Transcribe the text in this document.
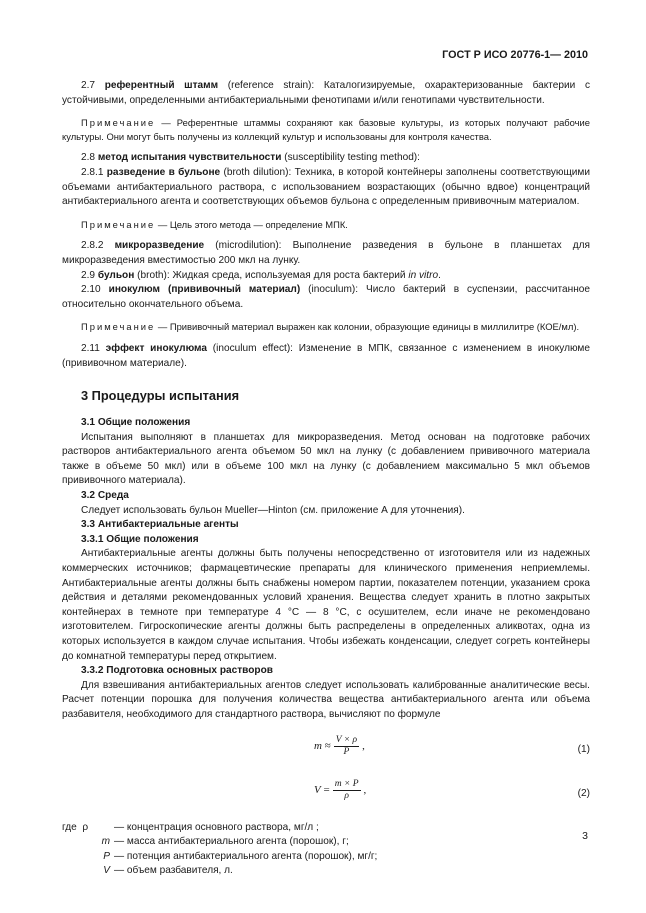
ГОСТ Р ИСО 20776-1— 2010

2.7 референтный штамм (reference strain): Каталогизируемые, охарактеризованные бактерии с устойчивыми, определенными антибактериальными фенотипами и/или генотипами чувствительности.

Примечание — Референтные штаммы сохраняют как базовые культуры, из которых получают рабочие культуры. Они могут быть получены из коллекций культур и использованы для контроля качества.

2.8 метод испытания чувствительности (susceptibility testing method):

2.8.1 разведение в бульоне (broth dilution): Техника, в которой контейнеры заполнены соответствующими объемами антибактериального раствора, с использованием возрастающих (обычно вдвое) концентраций антибактериального агента и соответствующих объемов бульона с определенным прививочным материалом.

Примечание — Цель этого метода — определение МПК.

2.8.2 микроразведение (microdilution): Выполнение разведения в бульоне в планшетах для микроразведения вместимостью 200 мкл на лунку.

2.9 бульон (broth): Жидкая среда, используемая для роста бактерий in vitro.

2.10 инокулюм (прививочный материал) (inoculum): Число бактерий в суспензии, рассчитанное относительно окончательного объема.

Примечание — Прививочный материал выражен как колонии, образующие единицы в миллилитре (КОЕ/мл).

2.11 эффект инокулюма (inoculum effect): Изменение в МПК, связанное с изменением в инокулюме (прививочном материале).

3 Процедуры испытания

3.1 Общие положения

Испытания выполняют в планшетах для микроразведения. Метод основан на подготовке рабочих растворов антибактериального агента объемом 50 мкл на лунку (с добавлением прививочного материала также в объеме 50 мкл) или в объеме 100 мкл на лунку (с добавлением максимально 5 мкл объемов прививочного материала).

3.2 Среда

Следует использовать бульон Mueller—Hinton (см. приложение А для уточнения).

3.3 Антибактериальные агенты

3.3.1 Общие положения

Антибактериальные агенты должны быть получены непосредственно от изготовителя или из надежных коммерческих источников; фармацевтические препараты для клинического применения неприемлемы. Антибактериальные агенты должны быть снабжены номером партии, показателем потенции, указанием срока действия и деталями рекомендованных условий хранения. Вещества следует хранить в плотно закрытых контейнерах в темноте при температуре 4 °С — 8 °С, с осушителем, если иначе не рекомендовано изготовителем. Гигроскопические агенты должны быть распределены в определенных аликвотах, одна из которых используется в каждом случае испытания. Чтобы избежать конденсации, следует согреть контейнеры до комнатной температуры перед открытием.

3.3.2 Подготовка основных растворов

Для взвешивания антибактериальных агентов следует использовать калиброванные аналитические весы. Расчет потенции порошка для получения количества вещества антибактериального агента или объема разбавителя, необходимого для стандартного раствора, вычисляют по формуле

m
≈ $\frac{V \times \rho}{P}$ ,	(1)
V
= $\frac{m \times P}{\rho}$ ,	(2)
где ρ	— концентрация основного раствора, мг/л ;
m — масса антибактериального агента (порошок), г;
P — потенция антибактериального агента (порошок), мг/г;
V — объем разбавителя, л.
3
